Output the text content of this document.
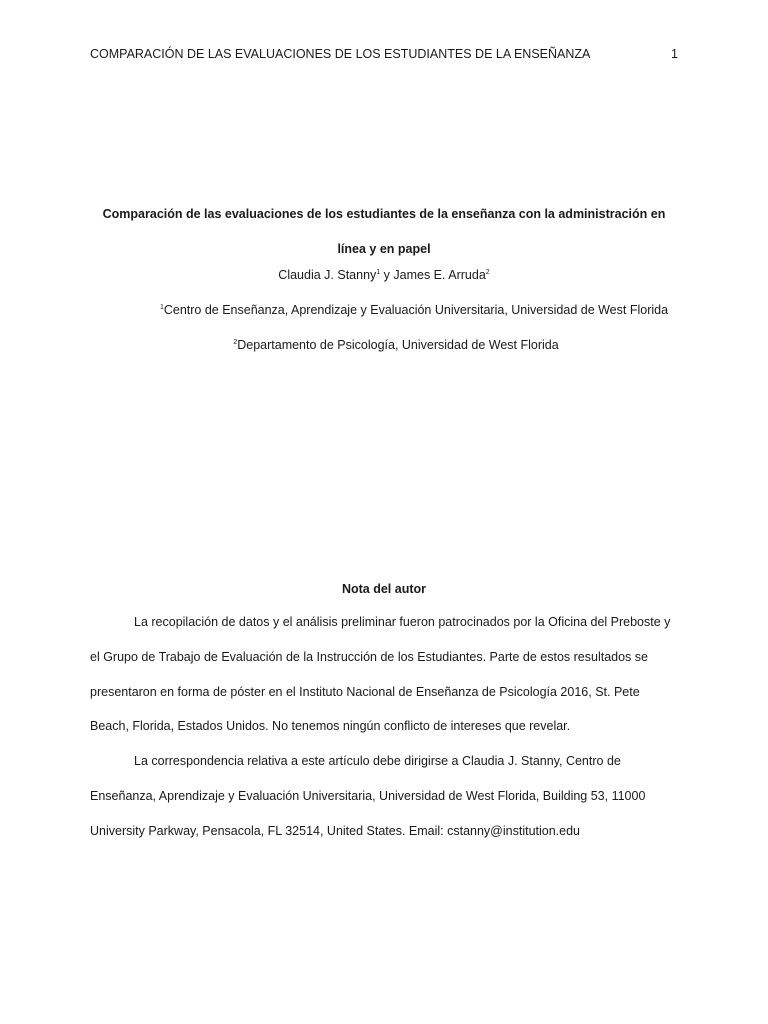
COMPARACIÓN DE LAS EVALUACIONES DE LOS ESTUDIANTES DE LA ENSEÑANZA	1
Comparación de las evaluaciones de los estudiantes de la enseñanza con la administración en línea y en papel
Claudia J. Stanny$^1$ y James E. Arruda$^2$
$^1$Centro de Enseñanza, Aprendizaje y Evaluación Universitaria, Universidad de West Florida
$^2$Departamento de Psicología, Universidad de West Florida
Nota del autor

La recopilación de datos y el análisis preliminar fueron patrocinados por la Oficina del Preboste y el Grupo de Trabajo de Evaluación de la Instrucción de los Estudiantes. Parte de estos resultados se presentaron en forma de póster en el Instituto Nacional de Enseñanza de Psicología 2016, St. Pete Beach, Florida, Estados Unidos. No tenemos ningún conflicto de intereses que revelar.

La correspondencia relativa a este artículo debe dirigirse a Claudia J. Stanny, Centro de Enseñanza, Aprendizaje y Evaluación Universitaria, Universidad de West Florida, Building 53, 11000 University Parkway, Pensacola, FL 32514, United States. Email: cstanny@institution.edu
